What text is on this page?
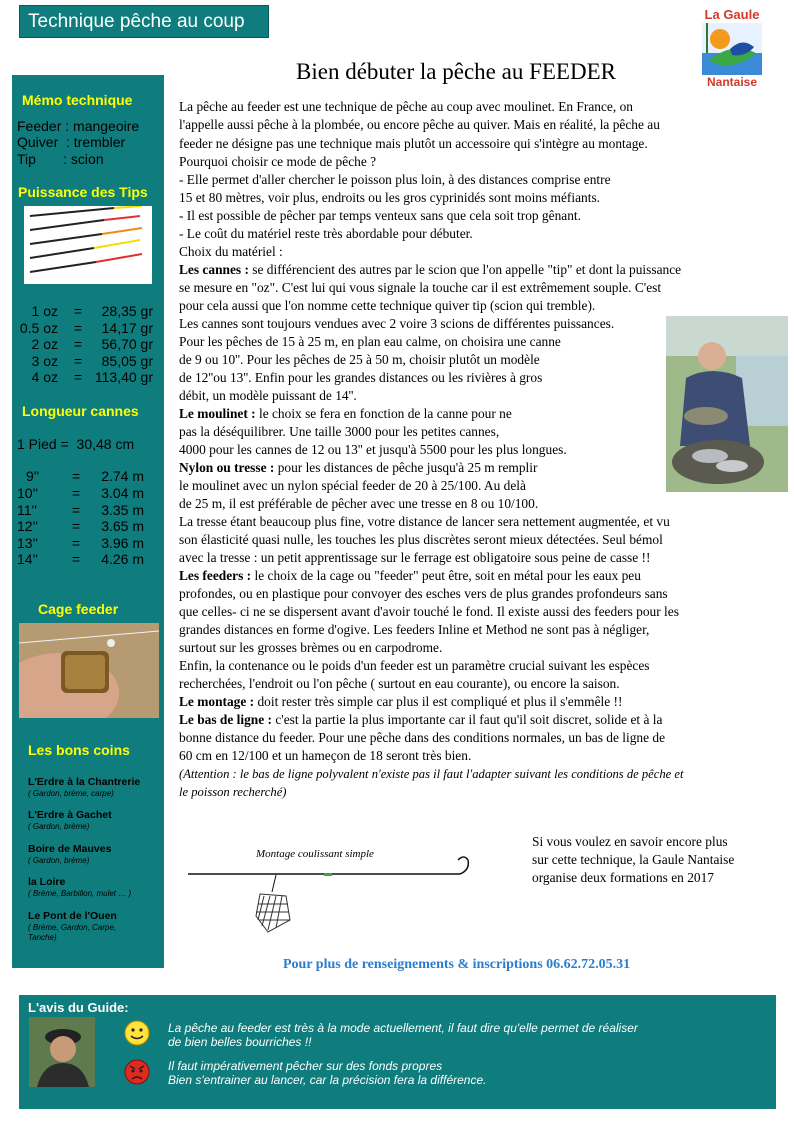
Technique pêche au coup	La Gaule
Nantaise
Bien débuter la pêche au FEEDER
Mémo technique
Feeder : mangeoire
Quiver  : trembler
Tip       : scion
Puissance des Tips
1 oz = 28,35 gr
0.5 oz = 14,17 gr
2 oz = 56,70 gr
3 oz = 85,05 gr
4 oz = 113,40 gr
Longueur cannes
1 Pied =  30,48 cm
9'' = 2.74 m
10'' = 3.04 m
11''	= 3.35 m
12'' = 3.65 m
13'' = 3.96 m
14'' = 4.26 m
Cage feeder
Les bons coins
L'Erdre à la Chantrerie
( Gardon, brème, carpe)
L'Erdre à Gachet
( Gardon, brème)
Boire de Mauves
( Gardon, brème)
la Loire
( Brème, Barbillon, mulet … )
Le Pont de l'Ouen
( Brème, Gardon, Carpe,
Tanche)
La pêche au feeder est une technique de pêche au coup avec moulinet. En France, on
l'appelle aussi pêche à la plombée, ou encore pêche au quiver. Mais en réalité, la pêche au
feeder ne désigne pas une technique mais plutôt un accessoire qui s'intègre au montage.
Pourquoi choisir ce mode de pêche ?
- Elle permet d'aller chercher le poisson plus loin, à des distances comprise entre
15 et 80 mètres, voir plus, endroits ou les gros cyprinidés sont moins méfiants.
- Il est possible de pêcher par temps venteux sans que cela soit trop gênant.
- Le coût du matériel reste très abordable pour débuter.
Choix du matériel :
Les cannes : se différencient des autres par le scion que l'on appelle "tip" et dont la puissance
se mesure en "oz". C'est lui qui vous signale la touche car il est extrêmement souple. C'est
pour cela aussi que l'on nomme cette technique quiver tip (scion qui tremble).
Les cannes sont toujours vendues avec 2 voire 3 scions de différentes puissances.
Pour les pêches de 15 à 25 m, en plan eau calme, on choisira une canne
de 9 ou 10''. Pour les pêches de 25 à 50 m, choisir plutôt un modèle
de 12''ou 13''. Enfin pour les grandes distances ou les rivières à gros
débit, un modèle puissant de 14''.
Le moulinet : le choix se fera en fonction de la canne pour ne
pas la déséquilibrer. Une taille 3000 pour les petites cannes,
4000 pour les cannes de 12 ou 13'' et jusqu'à 5500 pour les plus longues.
Nylon ou tresse : pour les distances de pêche jusqu'à 25 m remplir
le moulinet avec un nylon spécial feeder de 20 à 25/100. Au delà
de 25 m, il est préférable de pêcher avec une tresse en 8 ou 10/100.
La tresse étant beaucoup plus fine, votre distance de lancer sera nettement augmentée, et vu
son élasticité quasi nulle, les touches les plus discrètes seront mieux détectées. Seul bémol
avec la tresse : un petit apprentissage sur le ferrage est obligatoire sous peine de casse !!
Les feeders : le choix de la cage ou "feeder" peut être, soit en métal pour les eaux peu
profondes, ou en plastique pour convoyer des esches vers de plus grandes profondeurs sans
que celles- ci ne se dispersent avant d'avoir touché le fond. Il existe aussi des feeders pour les
grandes distances en forme d'ogive. Les feeders Inline et Method ne sont pas à négliger,
surtout sur les grosses brèmes ou en carpodrome.
Enfin, la contenance ou le poids d'un feeder est un paramètre crucial suivant les espèces
recherchées, l'endroit ou l'on pêche ( surtout en eau courante), ou encore la saison.
Le montage : doit rester très simple car plus il est compliqué et plus il s'emmêle !!
Le bas de ligne : c'est la partie la plus importante car il faut qu'il soit discret, solide et à la
bonne distance du feeder. Pour une pêche dans des conditions normales, un bas de ligne de
60 cm en 12/100 et un hameçon de 18 seront très bien.
(Attention : le bas de ligne polyvalent n'existe pas il faut l'adapter suivant les conditions de pêche et
le poisson recherché)
Montage coulissant simple
Si vous voulez en savoir encore plus
sur cette technique, la Gaule Nantaise
organise deux formations en 2017
Pour plus de renseignements & inscriptions 06.62.72.05.31
L'avis du Guide:
La pêche au feeder est très à la mode actuellement, il faut dire qu'elle permet de réaliser
de bien belles bourriches !!
Il faut impérativement pêcher sur des fonds propres
Bien s'entrainer au lancer, car la précision fera la différence.
